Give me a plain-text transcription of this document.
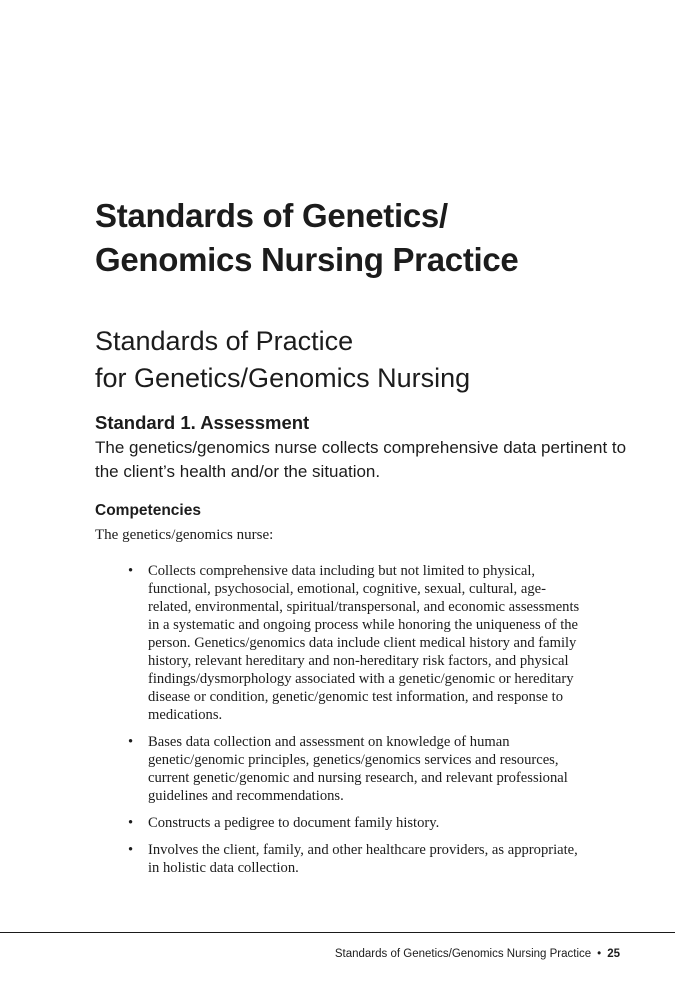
Standards of Genetics/
Genomics Nursing Practice
Standards of Practice
for Genetics/Genomics Nursing
Standard 1. Assessment
The genetics/genomics nurse collects comprehensive data pertinent to the client’s health and/or the situation.
Competencies
The genetics/genomics nurse:
• Collects comprehensive data including but not limited to physical, functional, psychosocial, emotional, cognitive, sexual, cultural, age-related, environmental, spiritual/transpersonal, and economic assessments in a systematic and ongoing process while honoring the uniqueness of the person. Genetics/genomics data include client medical history and family history, relevant hereditary and non-hereditary risk factors, and physical findings/dysmorphology associated with a genetic/genomic or hereditary disease or condition, genetic/genomic test information, and response to medications.
• Bases data collection and assessment on knowledge of human genetic/genomic principles, genetics/genomics services and resources, current genetic/genomic and nursing research, and relevant professional guidelines and recommendations.
• Constructs a pedigree to document family history.
• Involves the client, family, and other healthcare providers, as appropriate, in holistic data collection.
Standards of Genetics/Genomics Nursing Practice • 25
